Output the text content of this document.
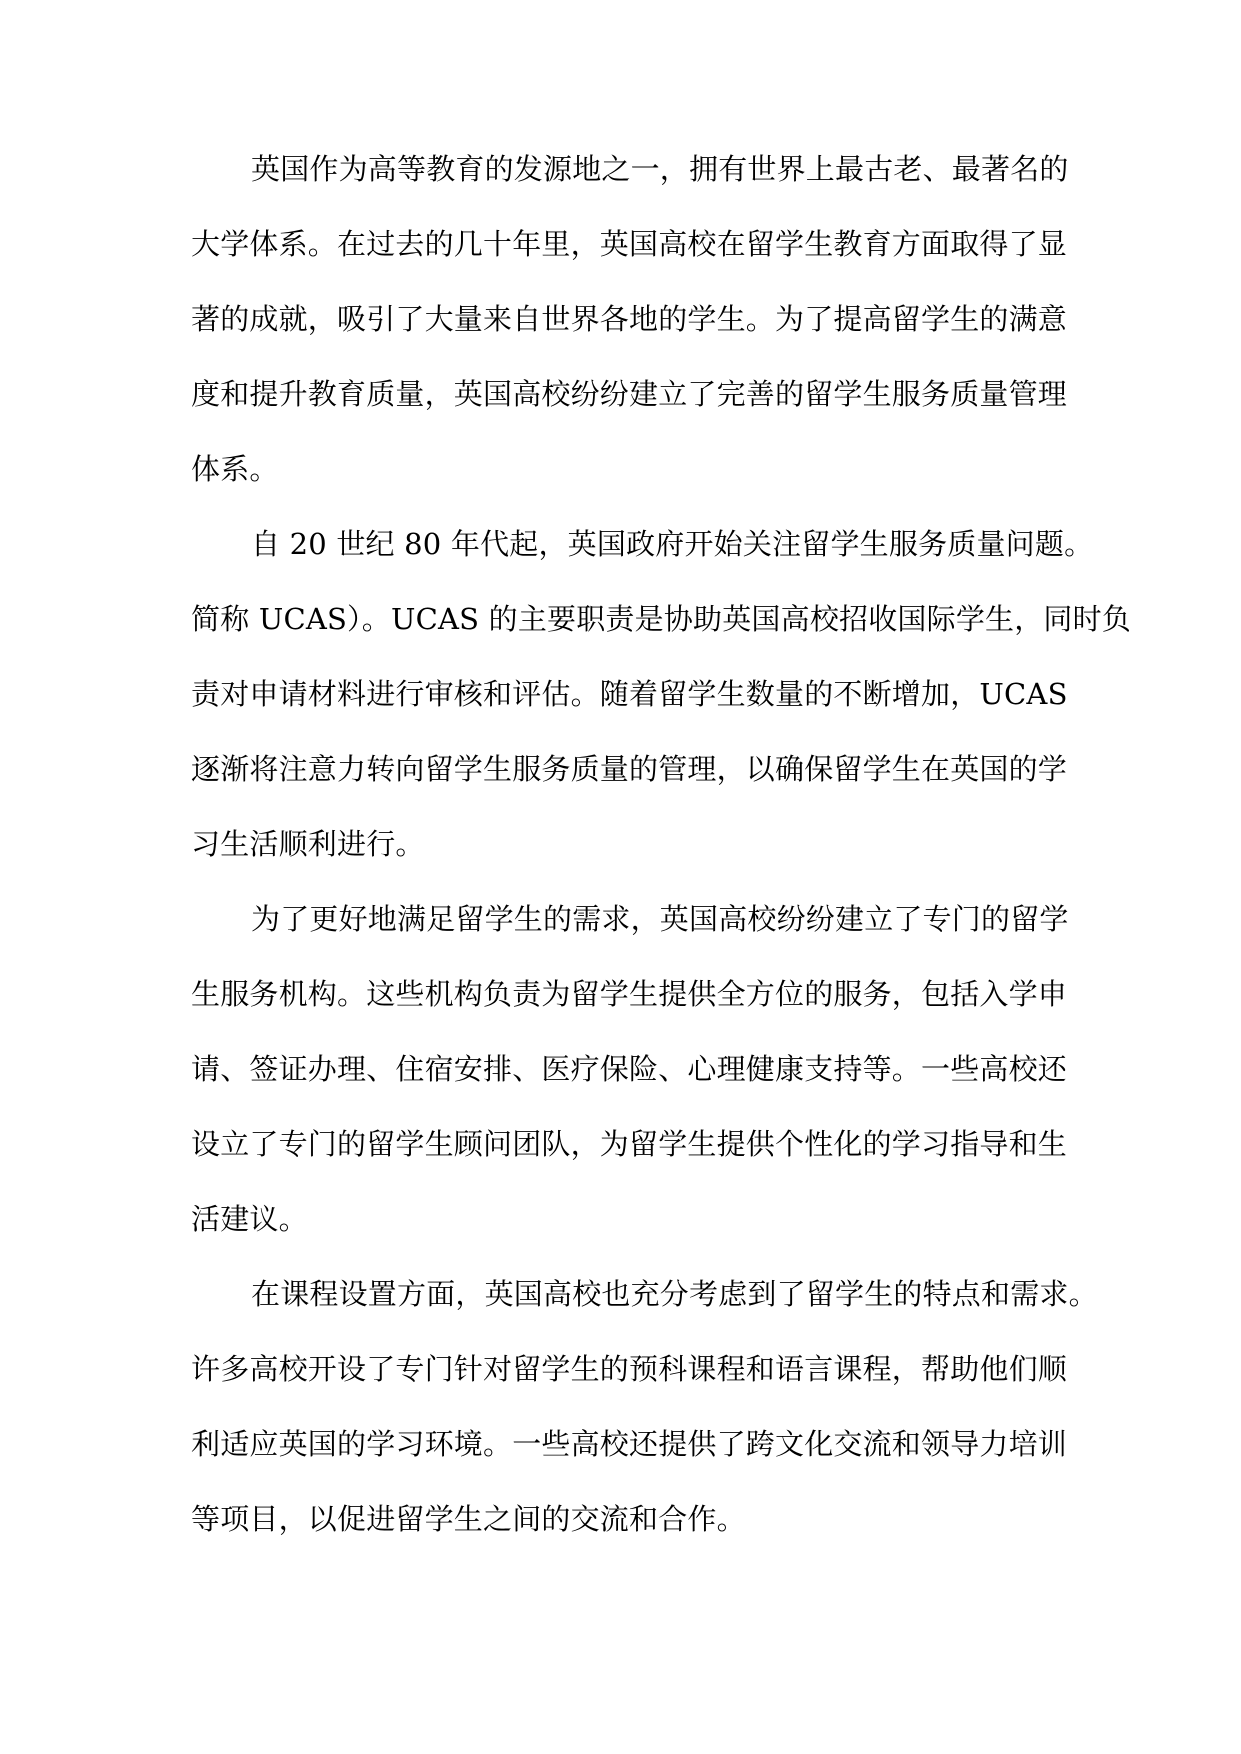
英国作为高等教育的发源地之一，拥有世界上最古老、最著名的
大学体系。在过去的几十年里，英国高校在留学生教育方面取得了显
著的成就，吸引了大量来自世界各地的学生。为了提高留学生的满意
度和提升教育质量，英国高校纷纷建立了完善的留学生服务质量管理
体系。
自 20 世纪 80 年代起，英国政府开始关注留学生服务质量问题。
简称 UCAS）。UCAS 的主要职责是协助英国高校招收国际学生，同时负
责对申请材料进行审核和评估。随着留学生数量的不断增加，UCAS
逐渐将注意力转向留学生服务质量的管理，以确保留学生在英国的学
习生活顺利进行。
为了更好地满足留学生的需求，英国高校纷纷建立了专门的留学
生服务机构。这些机构负责为留学生提供全方位的服务，包括入学申
请、签证办理、住宿安排、医疗保险、心理健康支持等。一些高校还
设立了专门的留学生顾问团队，为留学生提供个性化的学习指导和生
活建议。
在课程设置方面，英国高校也充分考虑到了留学生的特点和需求。
许多高校开设了专门针对留学生的预科课程和语言课程，帮助他们顺
利适应英国的学习环境。一些高校还提供了跨文化交流和领导力培训
等项目，以促进留学生之间的交流和合作。
